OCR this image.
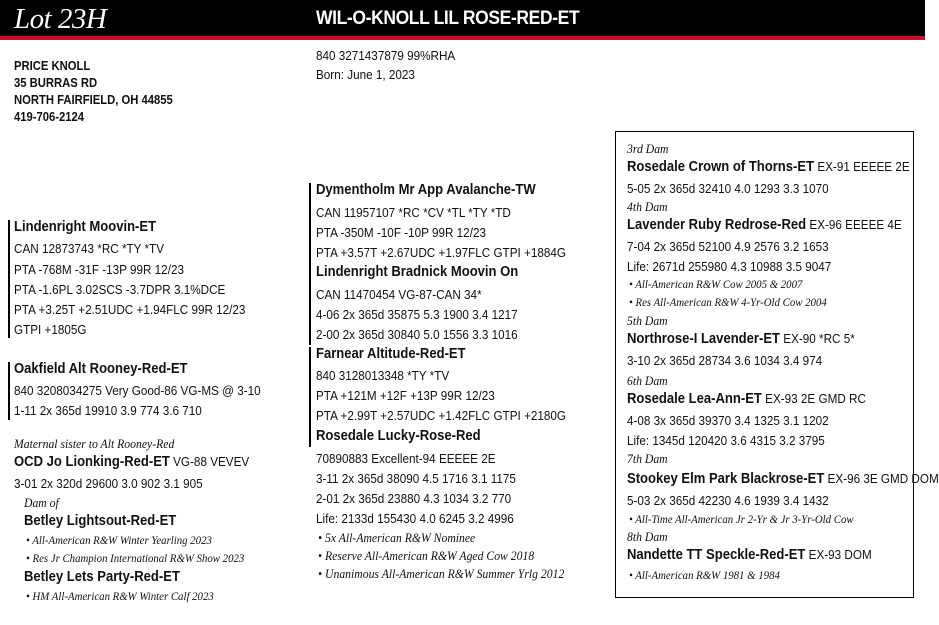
Lot 23H	WIL-O-KNOLL LIL ROSE-RED-ET
PRICE KNOLL
35 BURRAS RD
NORTH FAIRFIELD, OH 44855
419-706-2124
840 3271437879 99%RHA
Born: June 1, 2023
Lindenright Moovin-ET
CAN 12873743 *RC *TY *TV
PTA -768M -31F -13P 99R 12/23
PTA -1.6PL 3.02SCS -3.7DPR 3.1%DCE
PTA +3.25T +2.51UDC +1.94FLC 99R 12/23
GTPI +1805G
Dymentholm Mr App Avalanche-TW
CAN 11957107 *RC *CV *TL *TY *TD
PTA -350M -10F -10P 99R 12/23
PTA +3.57T +2.67UDC +1.97FLC GTPI +1884G
Lindenright Bradnick Moovin On
CAN 11470454 VG-87-CAN 34*
4-06 2x 365d 35875 5.3 1900 3.4 1217
2-00 2x 365d 30840 5.0 1556 3.3 1016
Oakfield Alt Rooney-Red-ET
840 3208034275 Very Good-86 VG-MS @ 3-10
1-11 2x 365d 19910 3.9 774 3.6 710
Farnear Altitude-Red-ET
840 3128013348 *TY *TV
PTA +121M +12F +13P 99R 12/23
PTA +2.99T +2.57UDC +1.42FLC GTPI +2180G
Rosedale Lucky-Rose-Red
70890883 Excellent-94 EEEEE 2E
3-11 2x 365d 38090 4.5 1716 3.1 1175
2-01 2x 365d 23880 4.3 1034 3.2 770
Life: 2133d 155430 4.0 6245 3.2 4996
• 5x All-American R&W Nominee
• Reserve All-American R&W Aged Cow 2018
• Unanimous All-American R&W Summer Yrlg 2012
Maternal sister to Alt Rooney-Red
OCD Jo Lionking-Red-ET VG-88 VEVEV
3-01 2x 320d 29600 3.0 902 3.1 905
Dam of
Betley Lightsout-Red-ET
• All-American R&W Winter Yearling 2023
• Res Jr Champion International R&W Show 2023
Betley Lets Party-Red-ET
• HM All-American R&W Winter Calf 2023
3rd Dam
Rosedale Crown of Thorns-ET EX-91 EEEEE 2E
5-05 2x 365d 32410 4.0 1293 3.3 1070
4th Dam
Lavender Ruby Redrose-Red EX-96 EEEEE 4E
7-04 2x 365d 52100 4.9 2576 3.2 1653
Life: 2671d 255980 4.3 10988 3.5 9047
• All-American R&W Cow 2005 & 2007
• Res All-American R&W 4-Yr-Old Cow 2004
5th Dam
Northrose-I Lavender-ET EX-90 *RC 5*
3-10 2x 365d 28734 3.6 1034 3.4 974
6th Dam
Rosedale Lea-Ann-ET EX-93 2E GMD RC
4-08 3x 365d 39370 3.4 1325 3.1 1202
Life: 1345d 120420 3.6 4315 3.2 3795
7th Dam
Stookey Elm Park Blackrose-ET EX-96 3E GMD DOM
5-03 2x 365d 42230 4.6 1939 3.4 1432
• All-Time All-American Jr 2-Yr & Jr 3-Yr-Old Cow
8th Dam
Nandette TT Speckle-Red-ET EX-93 DOM
• All-American R&W 1981 & 1984
